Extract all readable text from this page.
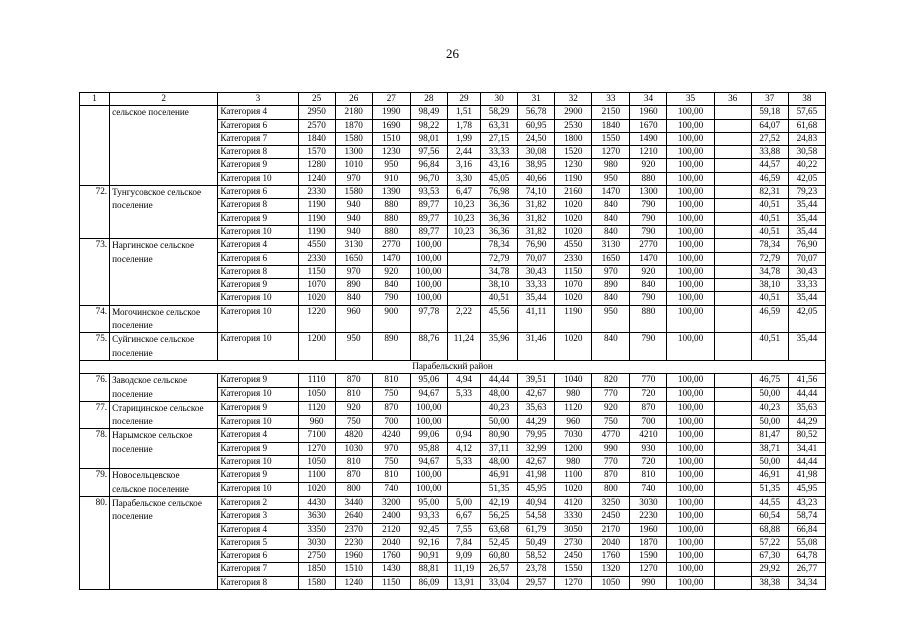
26
1	2	3	25	26	27	28	29	30	31	32	33	34	35	36	37	38
	сельское поселение	Категория 4	2950	2180	1990	98,49	1,51	58,29	56,78	2900	2150	1960	100,00		59,18	57,65
		Категория 6	2570	1870	1690	98,22	1,78	63,31	60,95	2530	1840	1670	100,00		64,07	61,68
		Категория 7	1840	1580	1510	98,01	1,99	27,15	24,50	1800	1550	1490	100,00		27,52	24,83
		Категория 8	1570	1300	1230	97,56	2,44	33,33	30,08	1520	1270	1210	100,00		33,88	30,58
		Категория 9	1280	1010	950	96,84	3,16	43,16	38,95	1230	980	920	100,00		44,57	40,22
		Категория 10	1240	970	910	96,70	3,30	45,05	40,66	1190	950	880	100,00		46,59	42,05
72.	Тунгусовское сельское поселение	Категория 6	2330	1580	1390	93,53	6,47	76,98	74,10	2160	1470	1300	100,00		82,31	79,23
		Категория 8	1190	940	880	89,77	10,23	36,36	31,82	1020	840	790	100,00		40,51	35,44
		Категория 9	1190	940	880	89,77	10,23	36,36	31,82	1020	840	790	100,00		40,51	35,44
		Категория 10	1190	940	880	89,77	10,23	36,36	31,82	1020	840	790	100,00		40,51	35,44
73.	Наргинское сельское поселение	Категория 4	4550	3130	2770	100,00		78,34	76,90	4550	3130	2770	100,00		78,34	76,90
		Категория 6	2330	1650	1470	100,00		72,79	70,07	2330	1650	1470	100,00		72,79	70,07
		Категория 8	1150	970	920	100,00		34,78	30,43	1150	970	920	100,00		34,78	30,43
		Категория 9	1070	890	840	100,00		38,10	33,33	1070	890	840	100,00		38,10	33,33
		Категория 10	1020	840	790	100,00		40,51	35,44	1020	840	790	100,00		40,51	35,44
74.	Могочинское сельское поселение	Категория 10	1220	960	900	97,78	2,22	45,56	41,11	1190	950	880	100,00		46,59	42,05
75.	Суйгинское сельское поселение	Категория 10	1200	950	890	88,76	11,24	35,96	31,46	1020	840	790	100,00		40,51	35,44
Парабельский район																
76.	Заводское сельское поселение	Категория 9	1110	870	810	95,06	4,94	44,44	39,51	1040	820	770	100,00		46,75	41,56
		Категория 10	1050	810	750	94,67	5,33	48,00	42,67	980	770	720	100,00		50,00	44,44
77.	Старицинское сельское поселение	Категория 9	1120	920	870	100,00		40,23	35,63	1120	920	870	100,00		40,23	35,63
		Категория 10	960	750	700	100,00		50,00	44,29	960	750	700	100,00		50,00	44,29
78.	Нарымское сельское поселение	Категория 4	7100	4820	4240	99,06	0,94	80,90	79,95	7030	4770	4210	100,00		81,47	80,52
		Категория 9	1270	1030	970	95,88	4,12	37,11	32,99	1200	990	930	100,00		38,71	34,41
		Категория 10	1050	810	750	94,67	5,33	48,00	42,67	980	770	720	100,00		50,00	44,44
79.	Новосельцевское сельское поселение	Категория 9	1100	870	810	100,00		46,91	41,98	1100	870	810	100,00		46,91	41,98
		Категория 10	1020	800	740	100,00		51,35	45,95	1020	800	740	100,00		51,35	45,95
80.	Парабельское сельское поселение	Категория 2	4430	3440	3200	95,00	5,00	42,19	40,94	4120	3250	3030	100,00		44,55	43,23
		Категория 3	3630	2640	2400	93,33	6,67	56,25	54,58	3330	2450	2230	100,00		60,54	58,74
		Категория 4	3350	2370	2120	92,45	7,55	63,68	61,79	3050	2170	1960	100,00		68,88	66,84
		Категория 5	3030	2230	2040	92,16	7,84	52,45	50,49	2730	2040	1870	100,00		57,22	55,08
		Категория 6	2750	1960	1760	90,91	9,09	60,80	58,52	2450	1760	1590	100,00		67,30	64,78
		Категория 7	1850	1510	1430	88,81	11,19	26,57	23,78	1550	1320	1270	100,00		29,92	26,77
		Категория 8	1580	1240	1150	86,09	13,91	33,04	29,57	1270	1050	990	100,00		38,38	34,34
